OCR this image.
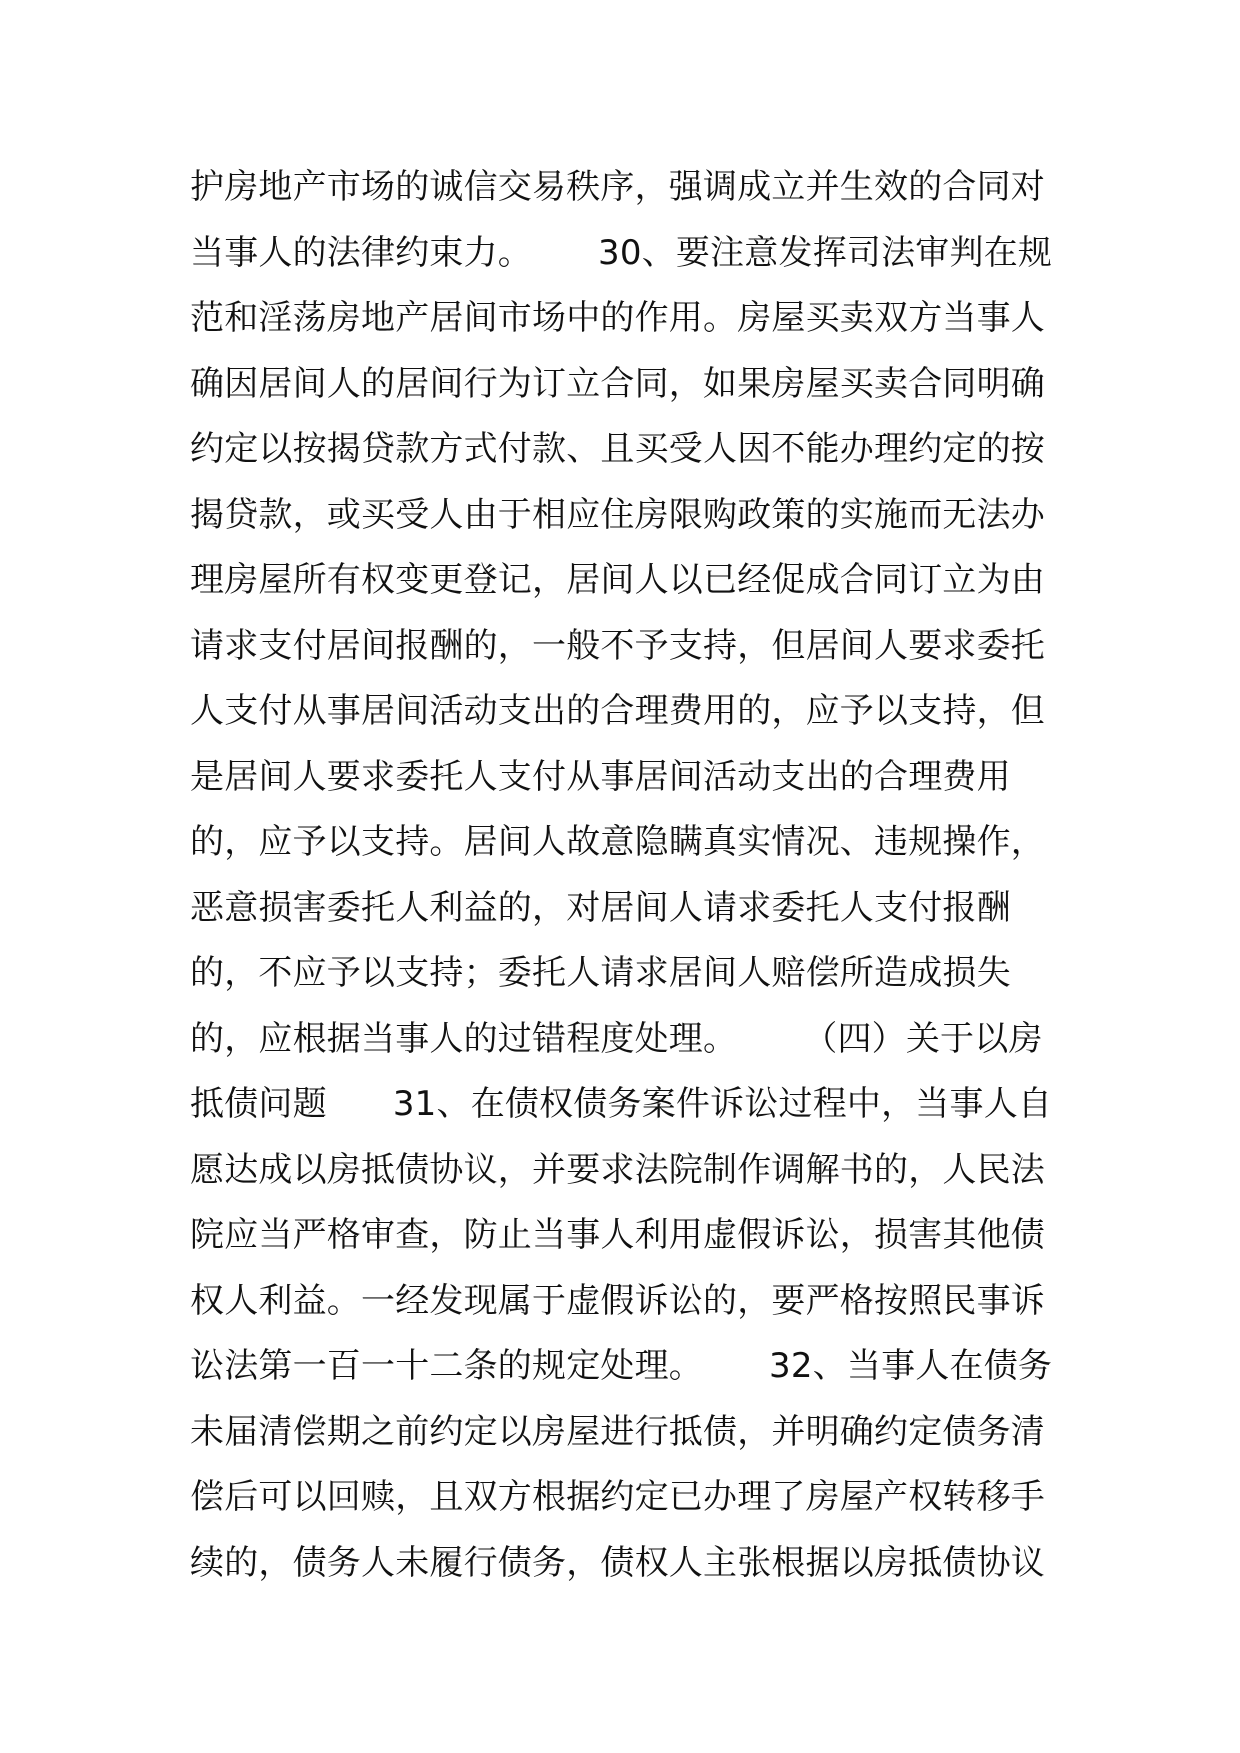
护房地产市场的诚信交易秩序，强调成立并生效的合同对
当事人的法律约束力。      30、要注意发挥司法审判在规
范和淫荡房地产居间市场中的作用。房屋买卖双方当事人
确因居间人的居间行为订立合同，如果房屋买卖合同明确
约定以按揭贷款方式付款、且买受人因不能办理约定的按
揭贷款，或买受人由于相应住房限购政策的实施而无法办
理房屋所有权变更登记，居间人以已经促成合同订立为由
请求支付居间报酬的，一般不予支持，但居间人要求委托
人支付从事居间活动支出的合理费用的，应予以支持，但
是居间人要求委托人支付从事居间活动支出的合理费用
的，应予以支持。居间人故意隐瞒真实情况、违规操作，
恶意损害委托人利益的，对居间人请求委托人支付报酬
的，不应予以支持；委托人请求居间人赔偿所造成损失
的，应根据当事人的过错程度处理。      （四）关于以房
抵债问题      31、在债权债务案件诉讼过程中，当事人自
愿达成以房抵债协议，并要求法院制作调解书的，人民法
院应当严格审查，防止当事人利用虚假诉讼，损害其他债
权人利益。一经发现属于虚假诉讼的，要严格按照民事诉
讼法第一百一十二条的规定处理。      32、当事人在债务
未届清偿期之前约定以房屋进行抵债，并明确约定债务清
偿后可以回赎，且双方根据约定已办理了房屋产权转移手
续的，债务人未履行债务，债权人主张根据以房抵债协议
